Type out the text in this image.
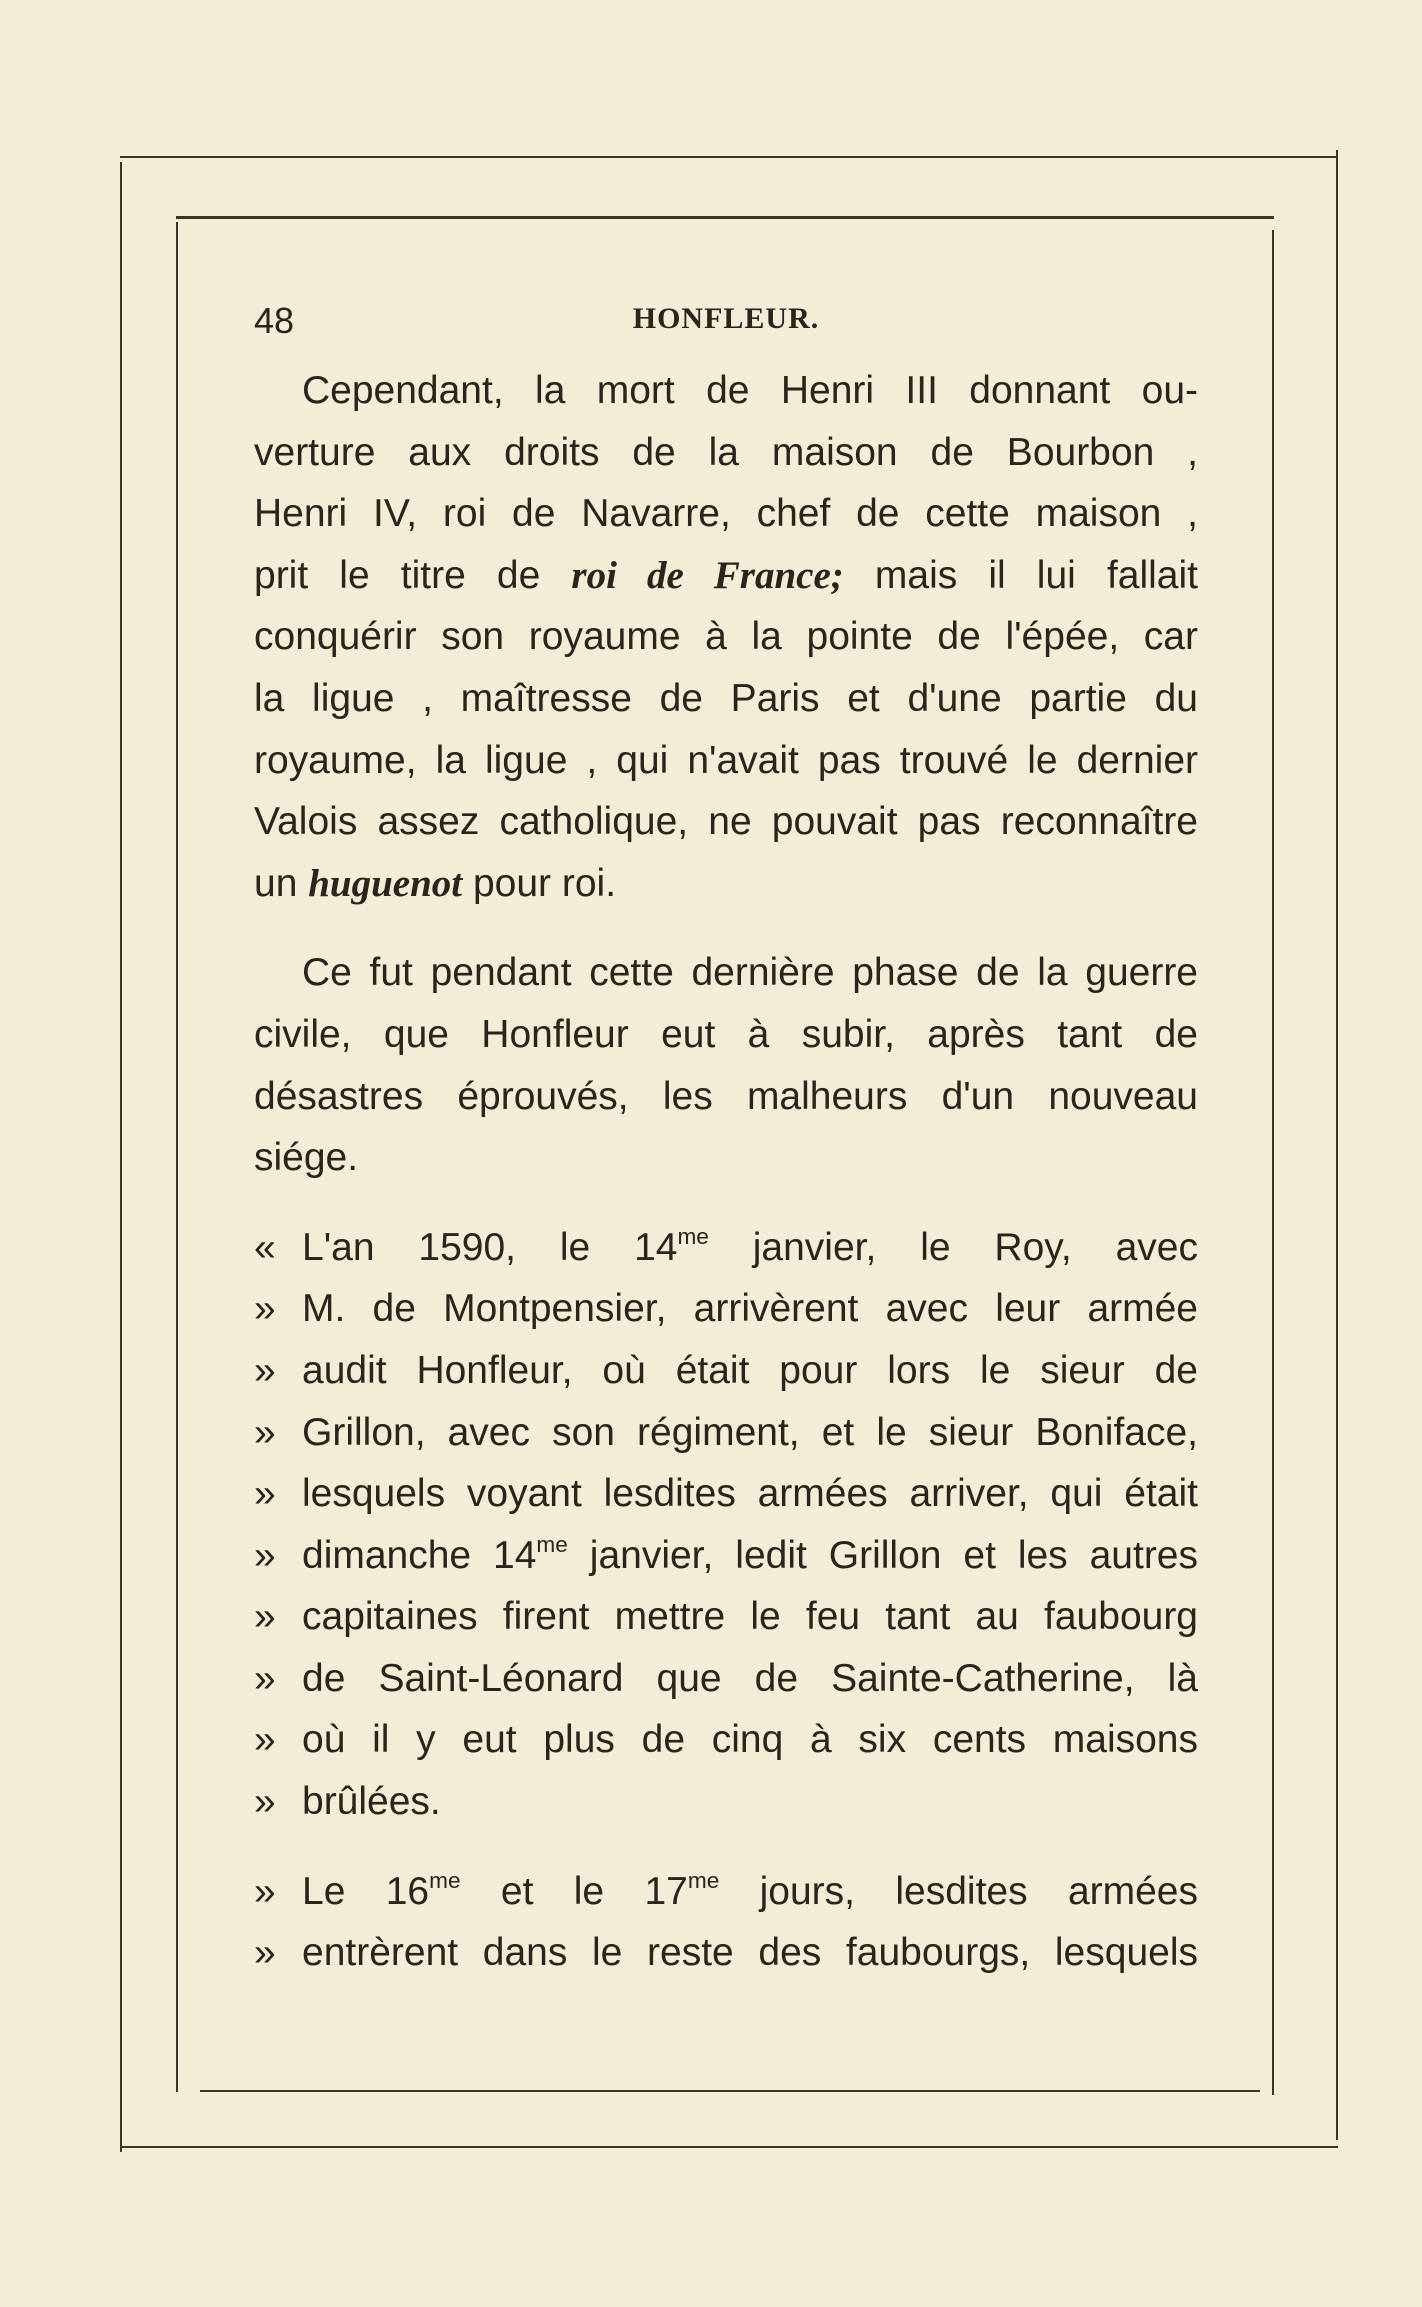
48	HONFLEUR.

Cependant, la mort de Henri III donnant ou-
verture aux droits de la maison de Bourbon ,
Henri IV, roi de Navarre, chef de cette maison ,
prit le titre de roi de France; mais il lui fallait
conquérir son royaume à la pointe de l'épée, car
la ligue , maîtresse de Paris et d'une partie du
royaume, la ligue , qui n'avait pas trouvé le dernier
Valois assez catholique, ne pouvait pas reconnaître
un huguenot pour roi.

Ce fut pendant cette dernière phase de la guerre
civile, que Honfleur eut à subir, après tant de
désastres éprouvés, les malheurs d'un nouveau
siége.

« L'an 1590, le $14^{me}$ janvier, le Roy, avec
» M. de Montpensier, arrivèrent avec leur armée
» audit Honfleur, où était pour lors le sieur de
» Grillon, avec son régiment, et le sieur Boniface,
» lesquels voyant lesdites armées arriver, qui était
» dimanche $14^{me}$ janvier, ledit Grillon et les autres
» capitaines firent mettre le feu tant au faubourg
» de Saint-Léonard que de Sainte-Catherine, là
» où il y eut plus de cinq à six cents maisons
» brûlées.

» Le $16^{me}$ et le $17^{me}$ jours, lesdites armées
» entrèrent dans le reste des faubourgs, lesquels
